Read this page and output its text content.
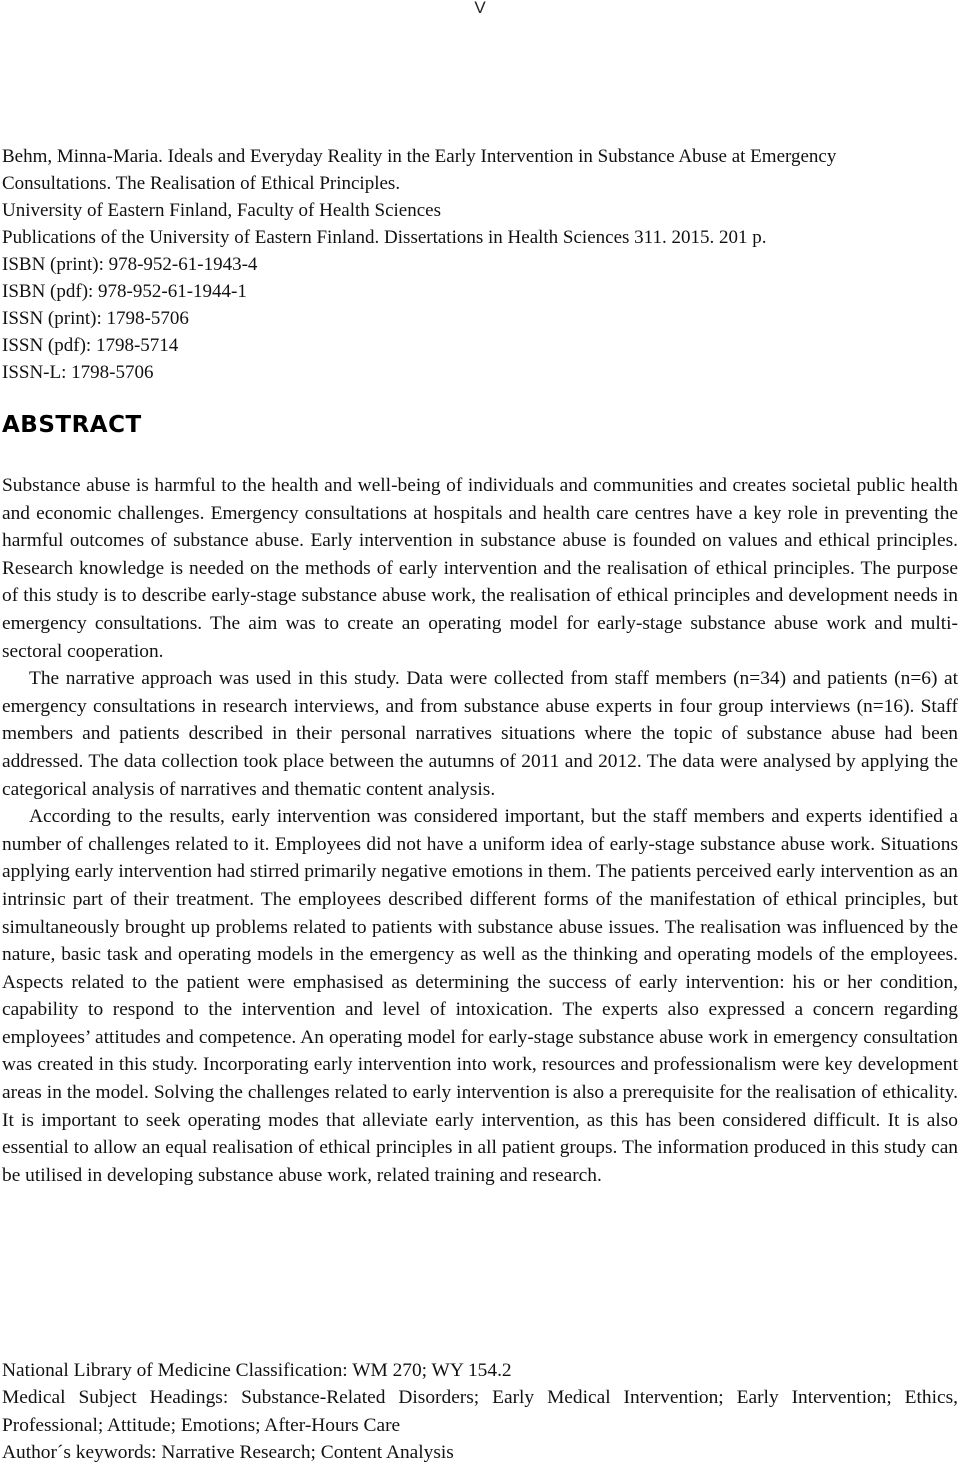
V
Behm, Minna-Maria. Ideals and Everyday Reality in the Early Intervention in Substance Abuse at Emergency
Consultations. The Realisation of Ethical Principles.
University of Eastern Finland, Faculty of Health Sciences
Publications of the University of Eastern Finland. Dissertations in Health Sciences 311. 2015. 201 p.
ISBN (print): 978-952-61-1943-4
ISBN (pdf): 978-952-61-1944-1
ISSN (print): 1798-5706
ISSN (pdf): 1798-5714
ISSN-L: 1798-5706
ABSTRACT

Substance abuse is harmful to the health and well-being of individuals and communities and creates societal public health and economic challenges. Emergency consultations at hospitals and health care centres have a key role in preventing the harmful outcomes of substance abuse. Early intervention in substance abuse is founded on values and ethical principles. Research knowledge is needed on the methods of early intervention and the realisation of ethical principles. The purpose of this study is to describe early-stage substance abuse work, the realisation of ethical principles and development needs in emergency consultations. The aim was to create an operating model for early-stage substance abuse work and multi-sectoral cooperation.

The narrative approach was used in this study. Data were collected from staff members (n=34) and patients (n=6) at emergency consultations in research interviews, and from substance abuse experts in four group interviews (n=16). Staff members and patients described in their personal narratives situations where the topic of substance abuse had been addressed. The data collection took place between the autumns of 2011 and 2012. The data were analysed by applying the categorical analysis of narratives and thematic content analysis.

According to the results, early intervention was considered important, but the staff members and experts identified a number of challenges related to it. Employees did not have a uniform idea of early-stage substance abuse work. Situations applying early intervention had stirred primarily negative emotions in them. The patients perceived early intervention as an intrinsic part of their treatment. The employees described different forms of the manifestation of ethical principles, but simultaneously brought up problems related to patients with substance abuse issues. The realisation was influenced by the nature, basic task and operating models in the emergency as well as the thinking and operating models of the employees. Aspects related to the patient were emphasised as determining the success of early intervention: his or her condition, capability to respond to the intervention and level of intoxication. The experts also expressed a concern regarding employees’ attitudes and competence. An operating model for early-stage substance abuse work in emergency consultation was created in this study. Incorporating early intervention into work, resources and professionalism were key development areas in the model. Solving the challenges related to early intervention is also a prerequisite for the realisation of ethicality. It is important to seek operating modes that alleviate early intervention, as this has been considered difficult. It is also essential to allow an equal realisation of ethical principles in all patient groups. The information produced in this study can be utilised in developing substance abuse work, related training and research.

National Library of Medicine Classification: WM 270; WY 154.2

Medical Subject Headings: Substance-Related Disorders; Early Medical Intervention; Early Intervention; Ethics, Professional; Attitude; Emotions; After-Hours Care

Author´s keywords: Narrative Research; Content Analysis
